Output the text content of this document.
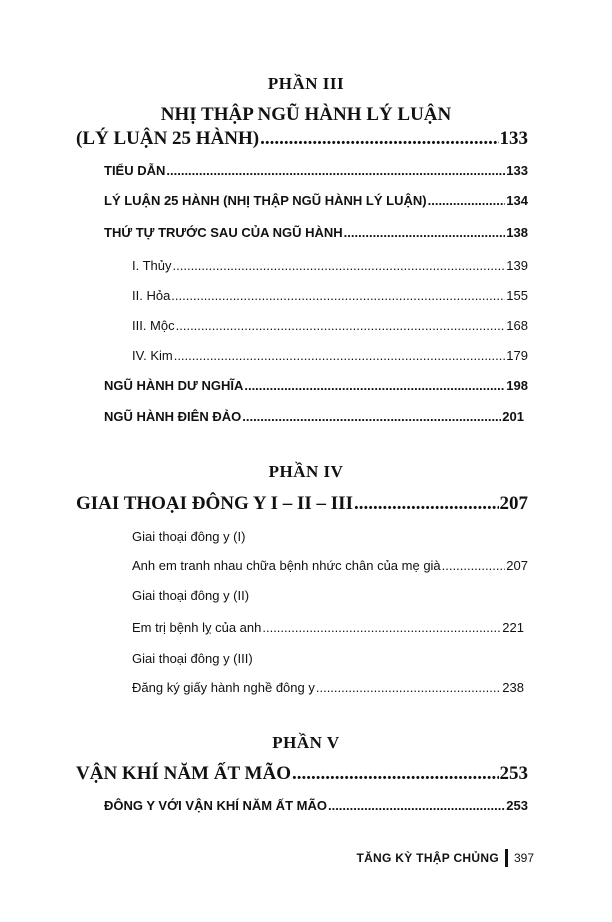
PHẦN III
NHỊ THẬP NGŨ HÀNH LÝ LUẬN
(LÝ LUẬN 25 HÀNH) .....	133
TIỂU DẪN .....	133
LÝ LUẬN 25 HÀNH (NHỊ THẬP NGŨ HÀNH LÝ LUẬN) .....	134
THỨ TỰ TRƯỚC SAU CỦA NGŨ HÀNH .....	138
I. Thủy .....	139
II. Hỏa .....	155
III. Mộc .....	168
IV. Kim .....	179
NGŨ HÀNH DƯ NGHĨA .....	198
NGŨ HÀNH ĐIÊN ĐẢO .....	201
PHẦN IV
GIAI THOẠI ĐÔNG Y I – II – III .....	207
Giai thoại đông y (I)
Anh em tranh nhau chữa bệnh nhức chân của mẹ già .....	207
Giai thoại đông y (II)
Em trị bệnh lỵ của anh .....	221
Giai thoại đông y (III)
Đăng ký giấy hành nghề đông y .....	238
PHẦN V
VẬN KHÍ NĂM ẤT MÃO .....	253
ĐÔNG Y VỚI VẬN KHÍ NĂM ẤT MÃO .....	253
TĂNG KỲ THẬP CHỦNG 397
